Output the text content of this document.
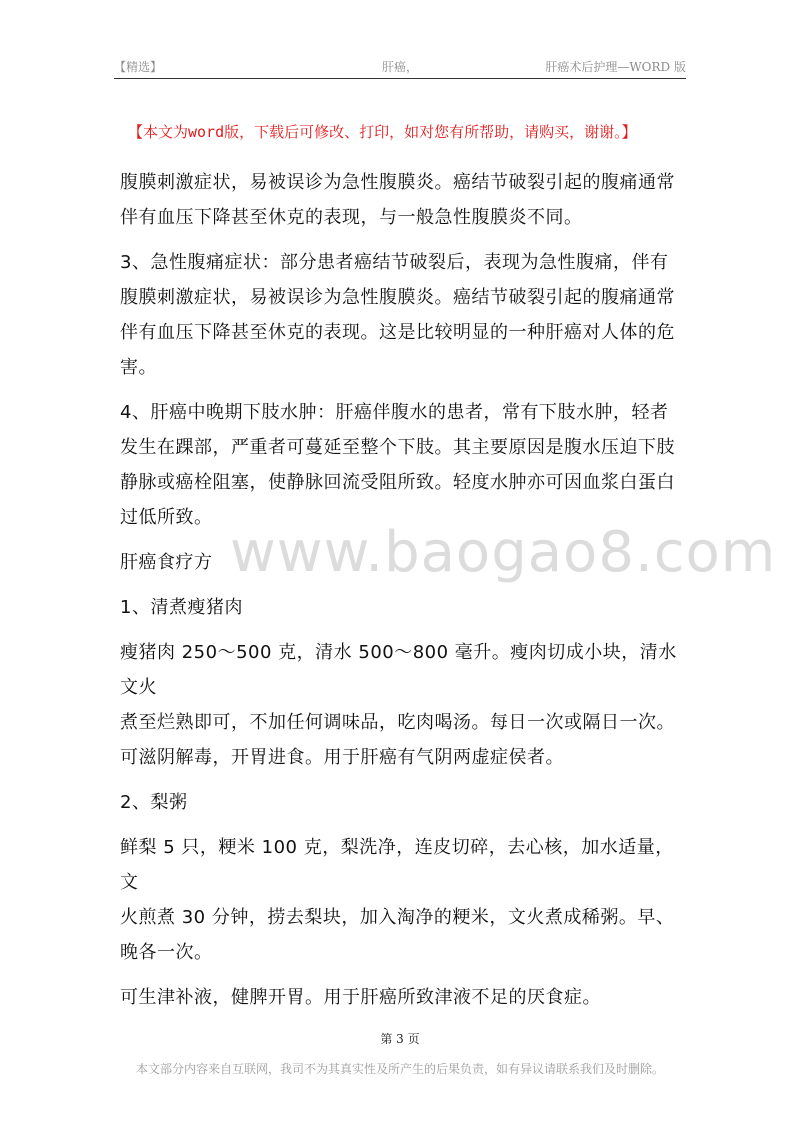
【精选】	肝癌，	肝癌术后护理—WORD 版
【本文为word版，下载后可修改、打印，如对您有所帮助，请购买，谢谢。】

腹膜刺激症状，易被误诊为急性腹膜炎。癌结节破裂引起的腹痛通常

伴有血压下降甚至休克的表现，与一般急性腹膜炎不同。

3、急性腹痛症状：部分患者癌结节破裂后，表现为急性腹痛，伴有

腹膜刺激症状，易被误诊为急性腹膜炎。癌结节破裂引起的腹痛通常

伴有血压下降甚至休克的表现。这是比较明显的一种肝癌对人体的危

害。

4、肝癌中晚期下肢水肿：肝癌伴腹水的患者，常有下肢水肿，轻者

发生在踝部，严重者可蔓延至整个下肢。其主要原因是腹水压迫下肢

静脉或癌栓阻塞，使静脉回流受阻所致。轻度水肿亦可因血浆白蛋白

过低所致。

肝癌食疗方

1、清煮瘦猪肉

瘦猪肉 250～500 克，清水 500～800 毫升。瘦肉切成小块，清水文火

煮至烂熟即可，不加任何调味品，吃肉喝汤。每日一次或隔日一次。

可滋阴解毒，开胃进食。用于肝癌有气阴两虚症侯者。

2、梨粥

鲜梨 5 只，粳米 100 克，梨洗净，连皮切碎，去心核，加水适量，文

火煎煮 30 分钟，捞去梨块，加入淘净的粳米，文火煮成稀粥。早、

晚各一次。

可生津补液，健脾开胃。用于肝癌所致津液不足的厌食症。

www.baogao8.com
第 3 页
本文部分内容来自互联网，我司不为其真实性及所产生的后果负责，如有异议请联系我们及时删除。
